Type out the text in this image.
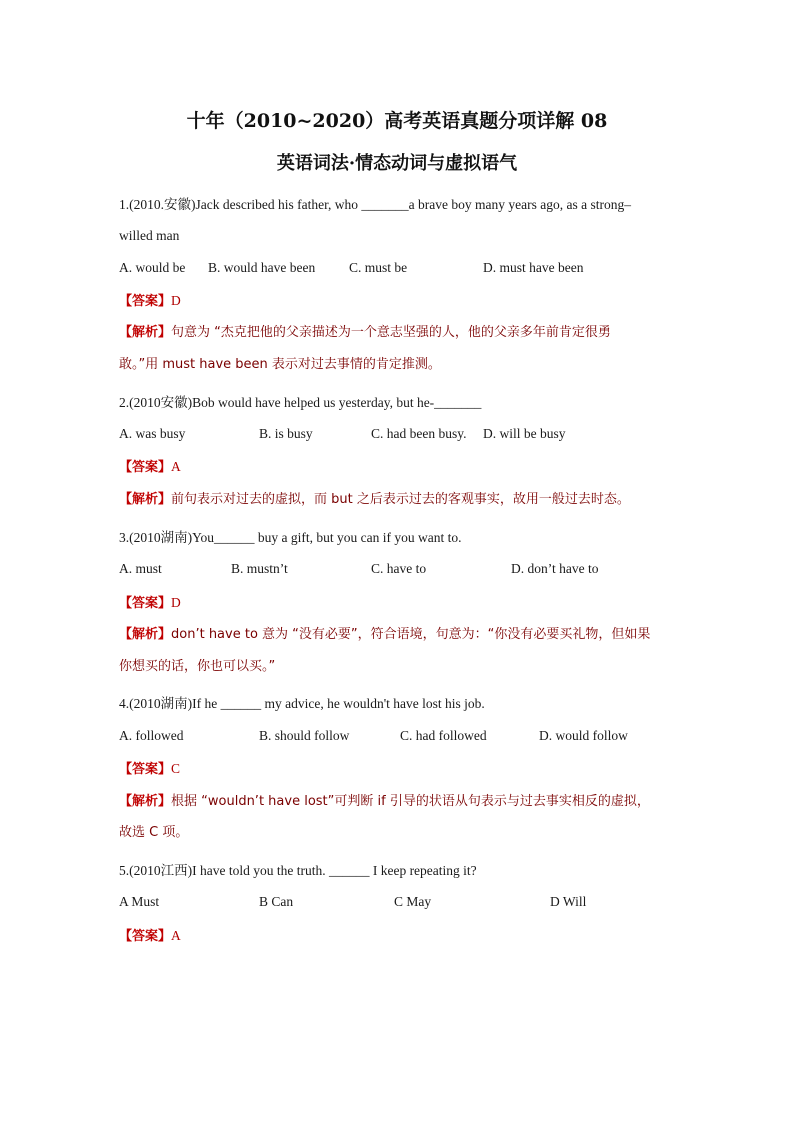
十年（2010~2020）高考英语真题分项详解 08
英语词法·情态动词与虚拟语气
1.(2010.安徽)Jack described his father, who _______a brave boy many years ago, as a strong–
willed man
A. would be B. would have been	C. must be	D. must have been
【答案】D
【解析】句意为 “杰克把他的父亲描述为一个意志坚强的人，他的父亲多年前肯定很勇
敢。”用 must have been 表示对过去事情的肯定推测。
2.(2010安徽)Bob would have helped us yesterday, but he-_______
A. was busy	B. is busy	C. had been busy. D. will be busy
【答案】A
【解析】前句表示对过去的虚拟，而 but 之后表示过去的客观事实，故用一般过去时态。
3.(2010湖南)You______ buy a gift, but you can if you want to.
A. must	B. mustn’t	C. have to	D. don’t have to
【答案】D
【解析】don’t have to 意为 “没有必要”，符合语境，句意为：“你没有必要买礼物，但如果
你想买的话，你也可以买。”
4.(2010湖南)If he ______ my advice, he wouldn't have lost his job.
A. followed	B. should follow	C. had followed	D. would follow
【答案】C
【解析】根据 “wouldn’t have lost”可判断 if 引导的状语从句表示与过去事实相反的虚拟，
故选 C 项。
5.(2010江西)I have told you the truth. ______ I keep repeating it?
A Must	B Can	C May	D Will
【答案】A
